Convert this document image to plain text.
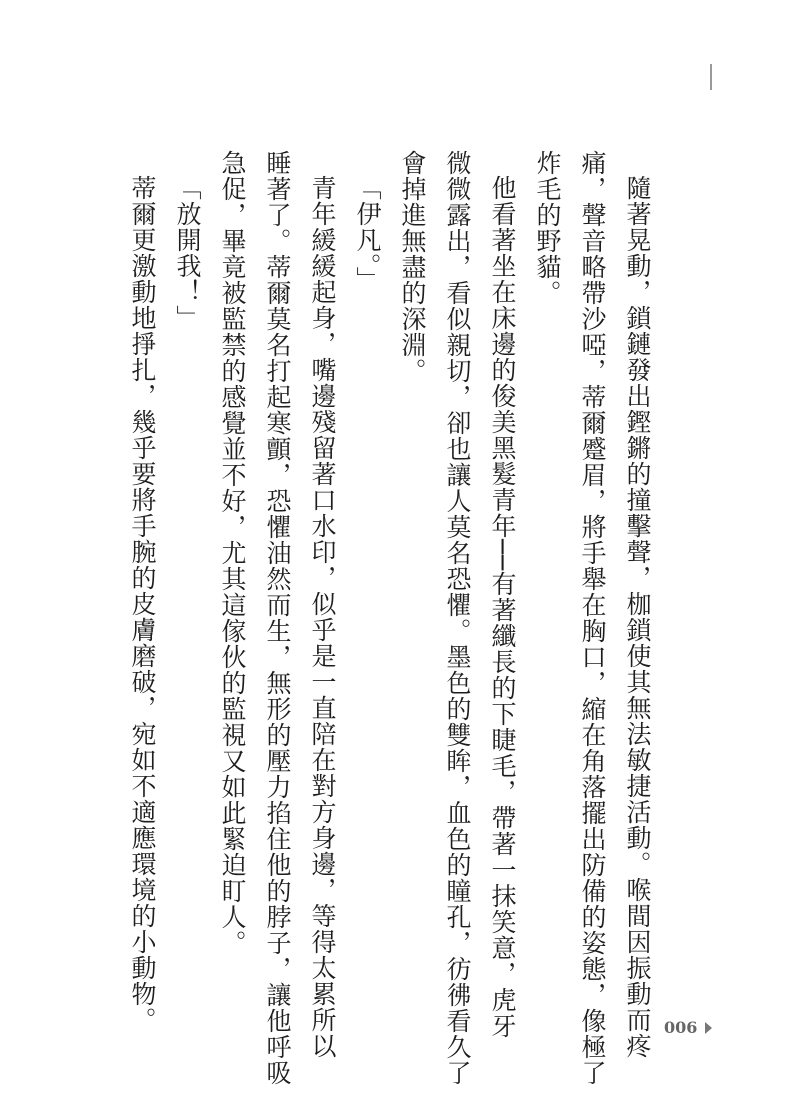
隨著晃動，鎖鏈發出鏗鏘的撞擊聲，枷鎖使其無法敏捷活動。喉間因振動而疼
痛，聲音略帶沙啞，蒂爾蹙眉，將手舉在胸口，縮在角落擺出防備的姿態，像極了
炸毛的野貓。
他看著坐在床邊的俊美黑髮青年──有著纖長的下睫毛，帶著一抹笑意，虎牙
微微露出，看似親切，卻也讓人莫名恐懼。墨色的雙眸，血色的瞳孔，彷彿看久了
會掉進無盡的深淵。
「伊凡。」
青年緩緩起身，嘴邊殘留著口水印，似乎是一直陪在對方身邊，等得太累所以
睡著了。蒂爾莫名打起寒顫，恐懼油然而生，無形的壓力掐住他的脖子，讓他呼吸
急促，畢竟被監禁的感覺並不好，尤其這傢伙的監視又如此緊迫盯人。
「放開我！」
蒂爾更激動地掙扎，幾乎要將手腕的皮膚磨破，宛如不適應環境的小動物。	006
